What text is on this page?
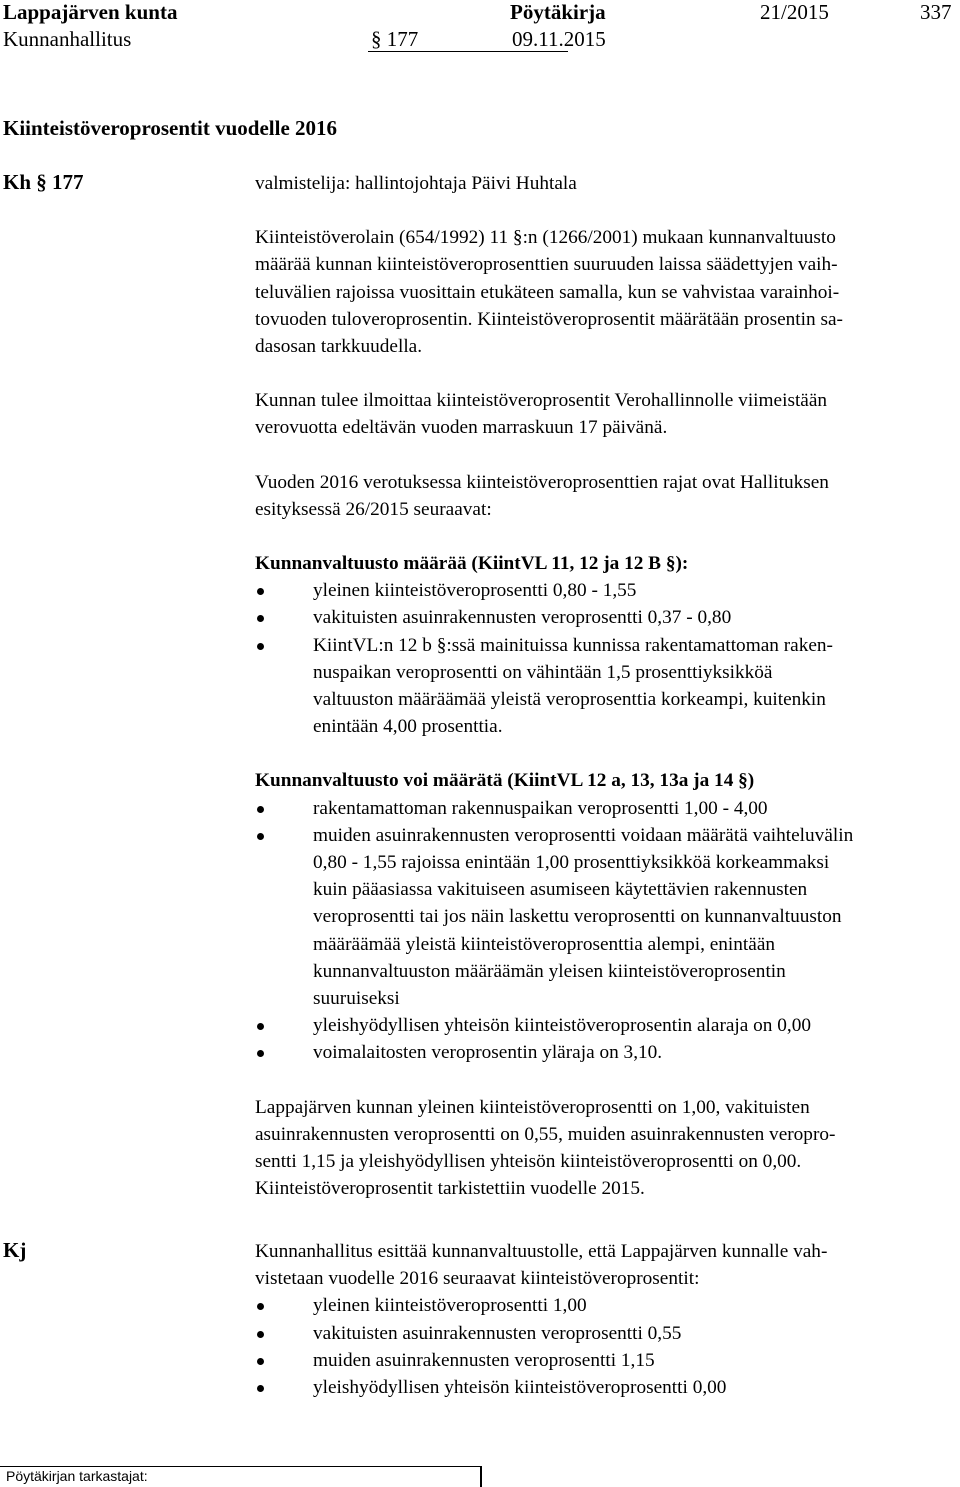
Lappajärven kunta	Pöytäkirja	21/2015	337
Kunnanhallitus	§ 177	09.11.2015
Kiinteistöveroprosentit vuodelle 2016
Kh § 177	valmistelija: hallintojohtaja Päivi Huhtala

Kiinteistöverolain (654/1992) 11 §:n (1266/2001) mukaan kunnanvaltuusto

määrää kunnan kiinteistöveroprosenttien suuruuden laissa säädettyjen vaih-

teluvälien rajoissa vuosittain etukäteen samalla, kun se vahvistaa varainhoi-

tovuoden tuloveroprosentin. Kiinteistöveroprosentit määrätään prosentin sa-

dasosan tarkkuudella.

Kunnan tulee ilmoittaa kiinteistöveroprosentit Verohallinnolle viimeistään

verovuotta edeltävän vuoden marraskuun 17 päivänä.

Vuoden 2016 verotuksessa kiinteistöveroprosenttien rajat ovat Hallituksen

esityksessä 26/2015 seuraavat:

Kunnanvaltuusto määrää (KiintVL 11, 12 ja 12 B §):
yleinen kiinteistöveroprosentti 0,80 - 1,55
vakituisten asuinrakennusten veroprosentti 0,37 - 0,80
KiintVL:n 12 b §:ssä mainituissa kunnissa rakentamattoman raken-
nuspaikan veroprosentti on vähintään 1,5 prosenttiyksikköä
valtuuston määräämää yleistä veroprosenttia korkeampi, kuitenkin
enintään 4,00 prosenttia.
Kunnanvaltuusto voi määrätä (KiintVL 12 a, 13, 13a ja 14 §)
rakentamattoman rakennuspaikan veroprosentti 1,00 - 4,00
muiden asuinrakennusten veroprosentti voidaan määrätä vaihteluvälin
0,80 - 1,55 rajoissa enintään 1,00 prosenttiyksikköä korkeammaksi
kuin pääasiassa vakituiseen asumiseen käytettävien rakennusten
veroprosentti tai jos näin laskettu veroprosentti on kunnanvaltuuston
määräämää yleistä kiinteistöveroprosenttia alempi, enintään
kunnanvaltuuston määräämän yleisen kiinteistöveroprosentin
suuruiseksi
yleishyödyllisen yhteisön kiinteistöveroprosentin alaraja on 0,00
voimalaitosten veroprosentin yläraja on 3,10.

Lappajärven kunnan yleinen kiinteistöveroprosentti on 1,00, vakituisten

asuinrakennusten veroprosentti on 0,55, muiden asuinrakennusten veropro-

sentti 1,15 ja yleishyödyllisen yhteisön kiinteistöveroprosentti on 0,00.

Kiinteistöveroprosentit tarkistettiin vuodelle 2015.

Kj	Kunnanhallitus esittää kunnanvaltuustolle, että Lappajärven kunnalle vah-

vistetaan vuodelle 2016 seuraavat kiinteistöveroprosentit:

yleinen kiinteistöveroprosentti 1,00
vakituisten asuinrakennusten veroprosentti 0,55
muiden asuinrakennusten veroprosentti 1,15
yleishyödyllisen yhteisön kiinteistöveroprosentti 0,00
Pöytäkirjan tarkastajat:
